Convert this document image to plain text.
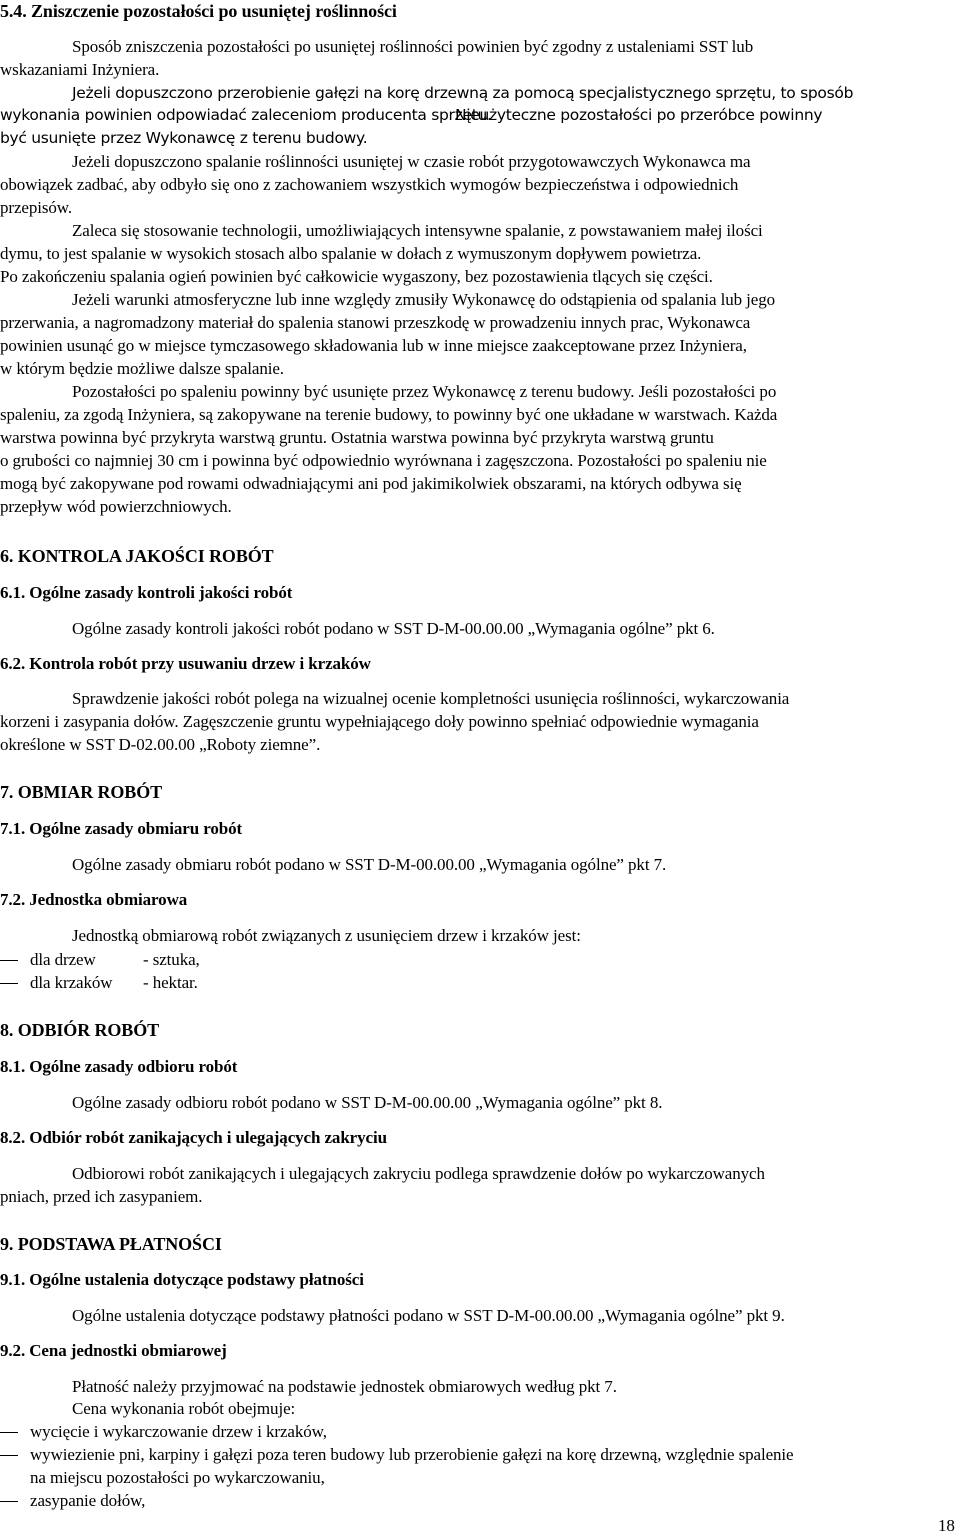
5.4. Zniszczenie pozostałości po usuniętej roślinności
Sposób zniszczenia pozostałości po usuniętej roślinności powinien być zgodny z ustaleniami SST lub
wskazaniami Inżyniera.
Jeżeli dopuszczono przerobienie gałęzi na korę drzewną za pomocą specjalistycznego sprzętu, to sposób
wykonania powinien odpowiadać zaleceniom producenta sprzętu.
Nieużyteczne pozostałości po przeróbce powinny
być usunięte przez Wykonawcę z terenu budowy.
Jeżeli dopuszczono spalanie roślinności usuniętej w czasie robót przygotowawczych Wykonawca ma
obowiązek zadbać, aby odbyło się ono z zachowaniem wszystkich wymogów bezpieczeństwa i odpowiednich
przepisów.
Zaleca się stosowanie technologii, umożliwiających intensywne spalanie, z powstawaniem małej ilości
dymu, to jest spalanie w wysokich stosach albo spalanie w dołach z wymuszonym dopływem powietrza.
Po zakończeniu spalania ogień powinien być całkowicie wygaszony, bez pozostawienia tlących się części.
Jeżeli warunki atmosferyczne lub inne względy zmusiły Wykonawcę do odstąpienia od spalania lub jego
przerwania, a nagromadzony materiał do spalenia stanowi przeszkodę w prowadzeniu innych prac, Wykonawca
powinien usunąć go w miejsce tymczasowego składowania lub w inne miejsce zaakceptowane przez Inżyniera,
w którym będzie możliwe dalsze spalanie.
Pozostałości po spaleniu powinny być usunięte przez Wykonawcę z terenu budowy. Jeśli pozostałości po
spaleniu, za zgodą Inżyniera, są zakopywane na terenie budowy, to powinny być one układane w warstwach. Każda
warstwa powinna być przykryta warstwą gruntu. Ostatnia warstwa powinna być przykryta warstwą gruntu
o grubości co najmniej 30 cm i powinna być odpowiednio wyrównana i zagęszczona. Pozostałości po spaleniu nie
mogą być zakopywane pod rowami odwadniającymi ani pod jakimikolwiek obszarami, na których odbywa się
przepływ wód powierzchniowych.
6. KONTROLA JAKOŚCI ROBÓT
6.1. Ogólne zasady kontroli jakości robót
Ogólne zasady kontroli jakości robót podano w SST D-M-00.00.00 „Wymagania ogólne” pkt 6.
6.2. Kontrola robót przy usuwaniu drzew i krzaków
Sprawdzenie jakości robót polega na wizualnej ocenie kompletności usunięcia roślinności, wykarczowania
korzeni i zasypania dołów. Zagęszczenie gruntu wypełniającego doły powinno spełniać odpowiednie wymagania
określone w SST D-02.00.00 „Roboty ziemne”.
7. OBMIAR ROBÓT
7.1. Ogólne zasady obmiaru robót
Ogólne zasady obmiaru robót podano w SST D-M-00.00.00 „Wymagania ogólne” pkt 7.
7.2. Jednostka obmiarowa
Jednostką obmiarową robót związanych z usunięciem drzew i krzaków jest:
dla drzew	- sztuka,
dla krzaków - hektar.
8. ODBIÓR ROBÓT
8.1. Ogólne zasady odbioru robót
Ogólne zasady odbioru robót podano w SST D-M-00.00.00 „Wymagania ogólne” pkt 8.
8.2. Odbiór robót zanikających i ulegających zakryciu
Odbiorowi robót zanikających i ulegających zakryciu podlega sprawdzenie dołów po wykarczowanych
pniach, przed ich zasypaniem.
9. PODSTAWA PŁATNOŚCI
9.1. Ogólne ustalenia dotyczące podstawy płatności
Ogólne ustalenia dotyczące podstawy płatności podano w SST D-M-00.00.00 „Wymagania ogólne” pkt 9.
9.2. Cena jednostki obmiarowej
Płatność należy przyjmować na podstawie jednostek obmiarowych według pkt 7.
Cena wykonania robót obejmuje:
wycięcie i wykarczowanie drzew i krzaków,
wywiezienie pni, karpiny i gałęzi poza teren budowy lub przerobienie gałęzi na korę drzewną, względnie spalenie
na miejscu pozostałości po wykarczowaniu,
zasypanie dołów,
18
